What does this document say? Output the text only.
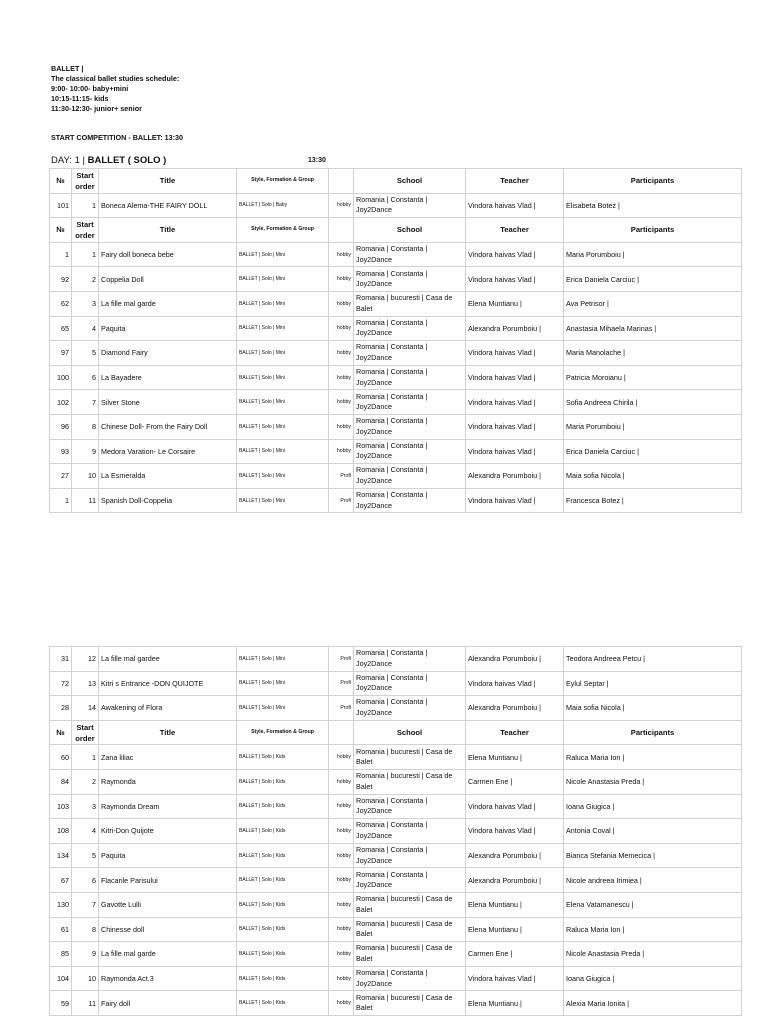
BALLET |
The classical ballet studies schedule:
9:00- 10:00- baby+mini
10:15-11:15- kids
11:30-12:30- junior+ senior
START COMPETITION - BALLET: 13:30
DAY: 1 | BALLET ( SOLO )	13:30
№	Start order	Title	Style, Formation & Group		School	Teacher	Participants
101	1	Boneca Alema-THE FAIRY DOLL	BALLET | Solo | Baby	hobby	Romania | Constanta | Joy2Dance	Vindora haivas Vlad |	Elisabeta Botez |
№	Start order	Title	Style, Formation & Group		School	Teacher	Participants
1	1	Fairy doll boneca bebe	BALLET | Solo | Mini	hobby	Romania | Constanta | Joy2Dance	Vindora haivas Vlad |	Maria Porumboiu |
92	2	Coppelia Doll	BALLET | Solo | Mini	hobby	Romania | Constanta | Joy2Dance	Vindora haivas Vlad |	Erica Daniela Carciuc |
62	3	La fille mal garde	BALLET | Solo | Mini	hobby	Romania | bucuresti | Casa de Balet	Elena Muntianu |	Ava Petrisor |
65	4	Paquita	BALLET | Solo | Mini	hobby	Romania | Constanta | Joy2Dance	Alexandra Porumboiu |	Anastasia Mihaela Marinas |
97	5	Diamond Fairy	BALLET | Solo | Mini	hobby	Romania | Constanta | Joy2Dance	Vindora haivas Vlad |	Maria Manolache |
100	6	La Bayadere	BALLET | Solo | Mini	hobby	Romania | Constanta | Joy2Dance	Vindora haivas Vlad |	Patricia Moroianu |
102	7	Silver Stone	BALLET | Solo | Mini	hobby	Romania | Constanta | Joy2Dance	Vindora haivas Vlad |	Sofia Andreea Chirila |
96	8	Chinese Doll- From the Fairy Doll	BALLET | Solo | Mini	hobby	Romania | Constanta | Joy2Dance	Vindora haivas Vlad |	Maria Porumboiu |
93	9	Medora Varation- Le Corsaire	BALLET | Solo | Mini	hobby	Romania | Constanta | Joy2Dance	Vindora haivas Vlad |	Erica Daniela Carciuc |
27	10	La Esmeralda	BALLET | Solo | Mini	Profi	Romania | Constanta | Joy2Dance	Alexandra Porumboiu |	Maia sofia Nicola |
1	11	Spanish Doll-Coppelia	BALLET | Solo | Mini	Profi	Romania | Constanta | Joy2Dance	Vindora haivas Vlad |	Francesca Botez |
31	12	La fille mal gardee	BALLET | Solo | Mini	Profi	Romania | Constanta | Joy2Dance	Alexandra Porumboiu |	Teodora Andreea Petcu |
72	13	Kitri s Entrance -DON QUIJOTE	BALLET | Solo | Mini	Profi	Romania | Constanta | Joy2Dance	Vindora haivas Vlad |	Eylul Septar |
28	14	Awakening of Flora	BALLET | Solo | Mini	Profi	Romania | Constanta | Joy2Dance	Alexandra Porumboiu |	Maia sofia Nicola |
№	Start order	Title	Style, Formation & Group		School	Teacher	Participants
60	1	Zana liliac	BALLET | Solo | Kids	hobby	Romania | bucuresti | Casa de Balet	Elena Muntianu |	Raluca Maria Ion |
84	2	Raymonda	BALLET | Solo | Kids	hobby	Romania | bucuresti | Casa de Balet	Carmen Ene |	Nicole Anastasia Preda |
103	3	Raymonda Dream	BALLET | Solo | Kids	hobby	Romania | Constanta | Joy2Dance	Vindora haivas Vlad |	Ioana Giugica |
108	4	Kitri-Don Quijote	BALLET | Solo | Kids	hobby	Romania | Constanta | Joy2Dance	Vindora haivas Vlad |	Antonia Coval |
134	5	Paquita	BALLET | Solo | Kids	hobby	Romania | Constanta | Joy2Dance	Alexandra Porumboiu |	Bianca Stefania Memecica |
67	6	Flacarile Parisului	BALLET | Solo | Kids	hobby	Romania | Constanta | Joy2Dance	Alexandra Porumboiu |	Nicole andreea Irimiea |
130	7	Gavotte Lulli	BALLET | Solo | Kids	hobby	Romania | bucuresti | Casa de Balet	Elena Muntianu |	Elena Vatamanescu |
61	8	Chinesse doll	BALLET | Solo | Kids	hobby	Romania | bucuresti | Casa de Balet	Elena Muntianu |	Raluca Maria Ion |
85	9	La fille mal garde	BALLET | Solo | Kids	hobby	Romania | bucuresti | Casa de Balet	Carmen Ene |	Nicole Anastasia Preda |
104	10	Raymonda Act.3	BALLET | Solo | Kids	hobby	Romania | Constanta | Joy2Dance	Vindora haivas Vlad |	Ioana Giugica |
59	11	Fairy doll	BALLET | Solo | Kids	hobby	Romania | bucuresti | Casa de Balet	Elena Muntianu |	Alexia Maria Ionita |
